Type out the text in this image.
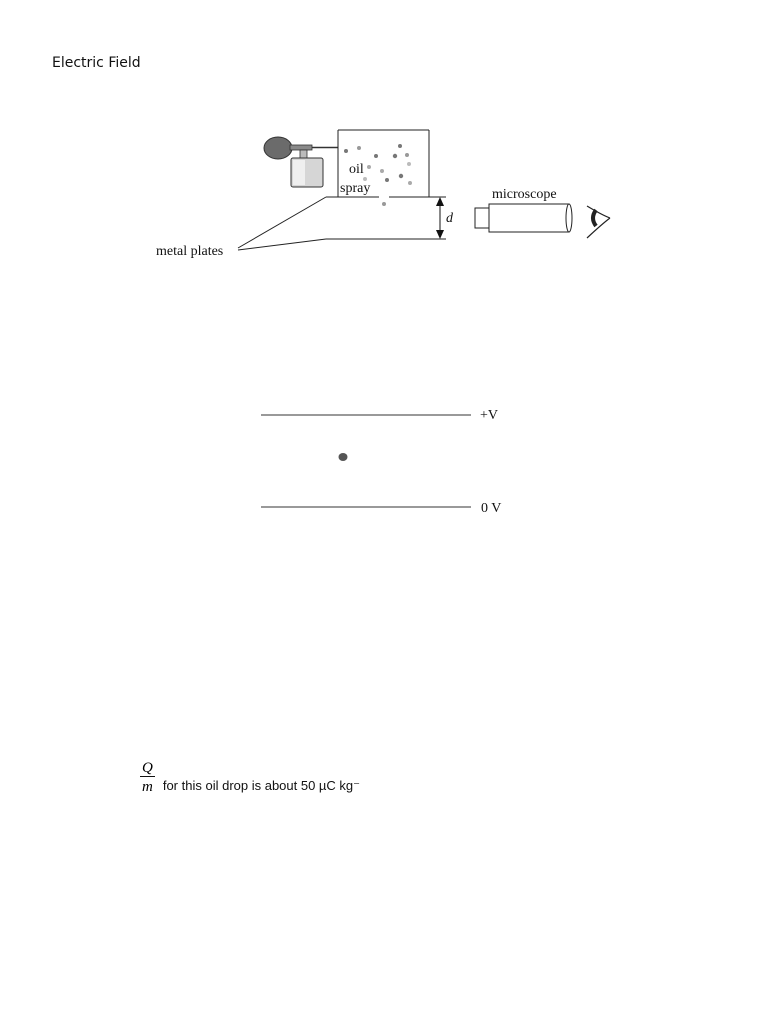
Electric Field
oil
spray
metal plates
d
microscope
+V
0 V
$\frac{Q}{m}$ for this oil drop is about 50 µC kg⁻
